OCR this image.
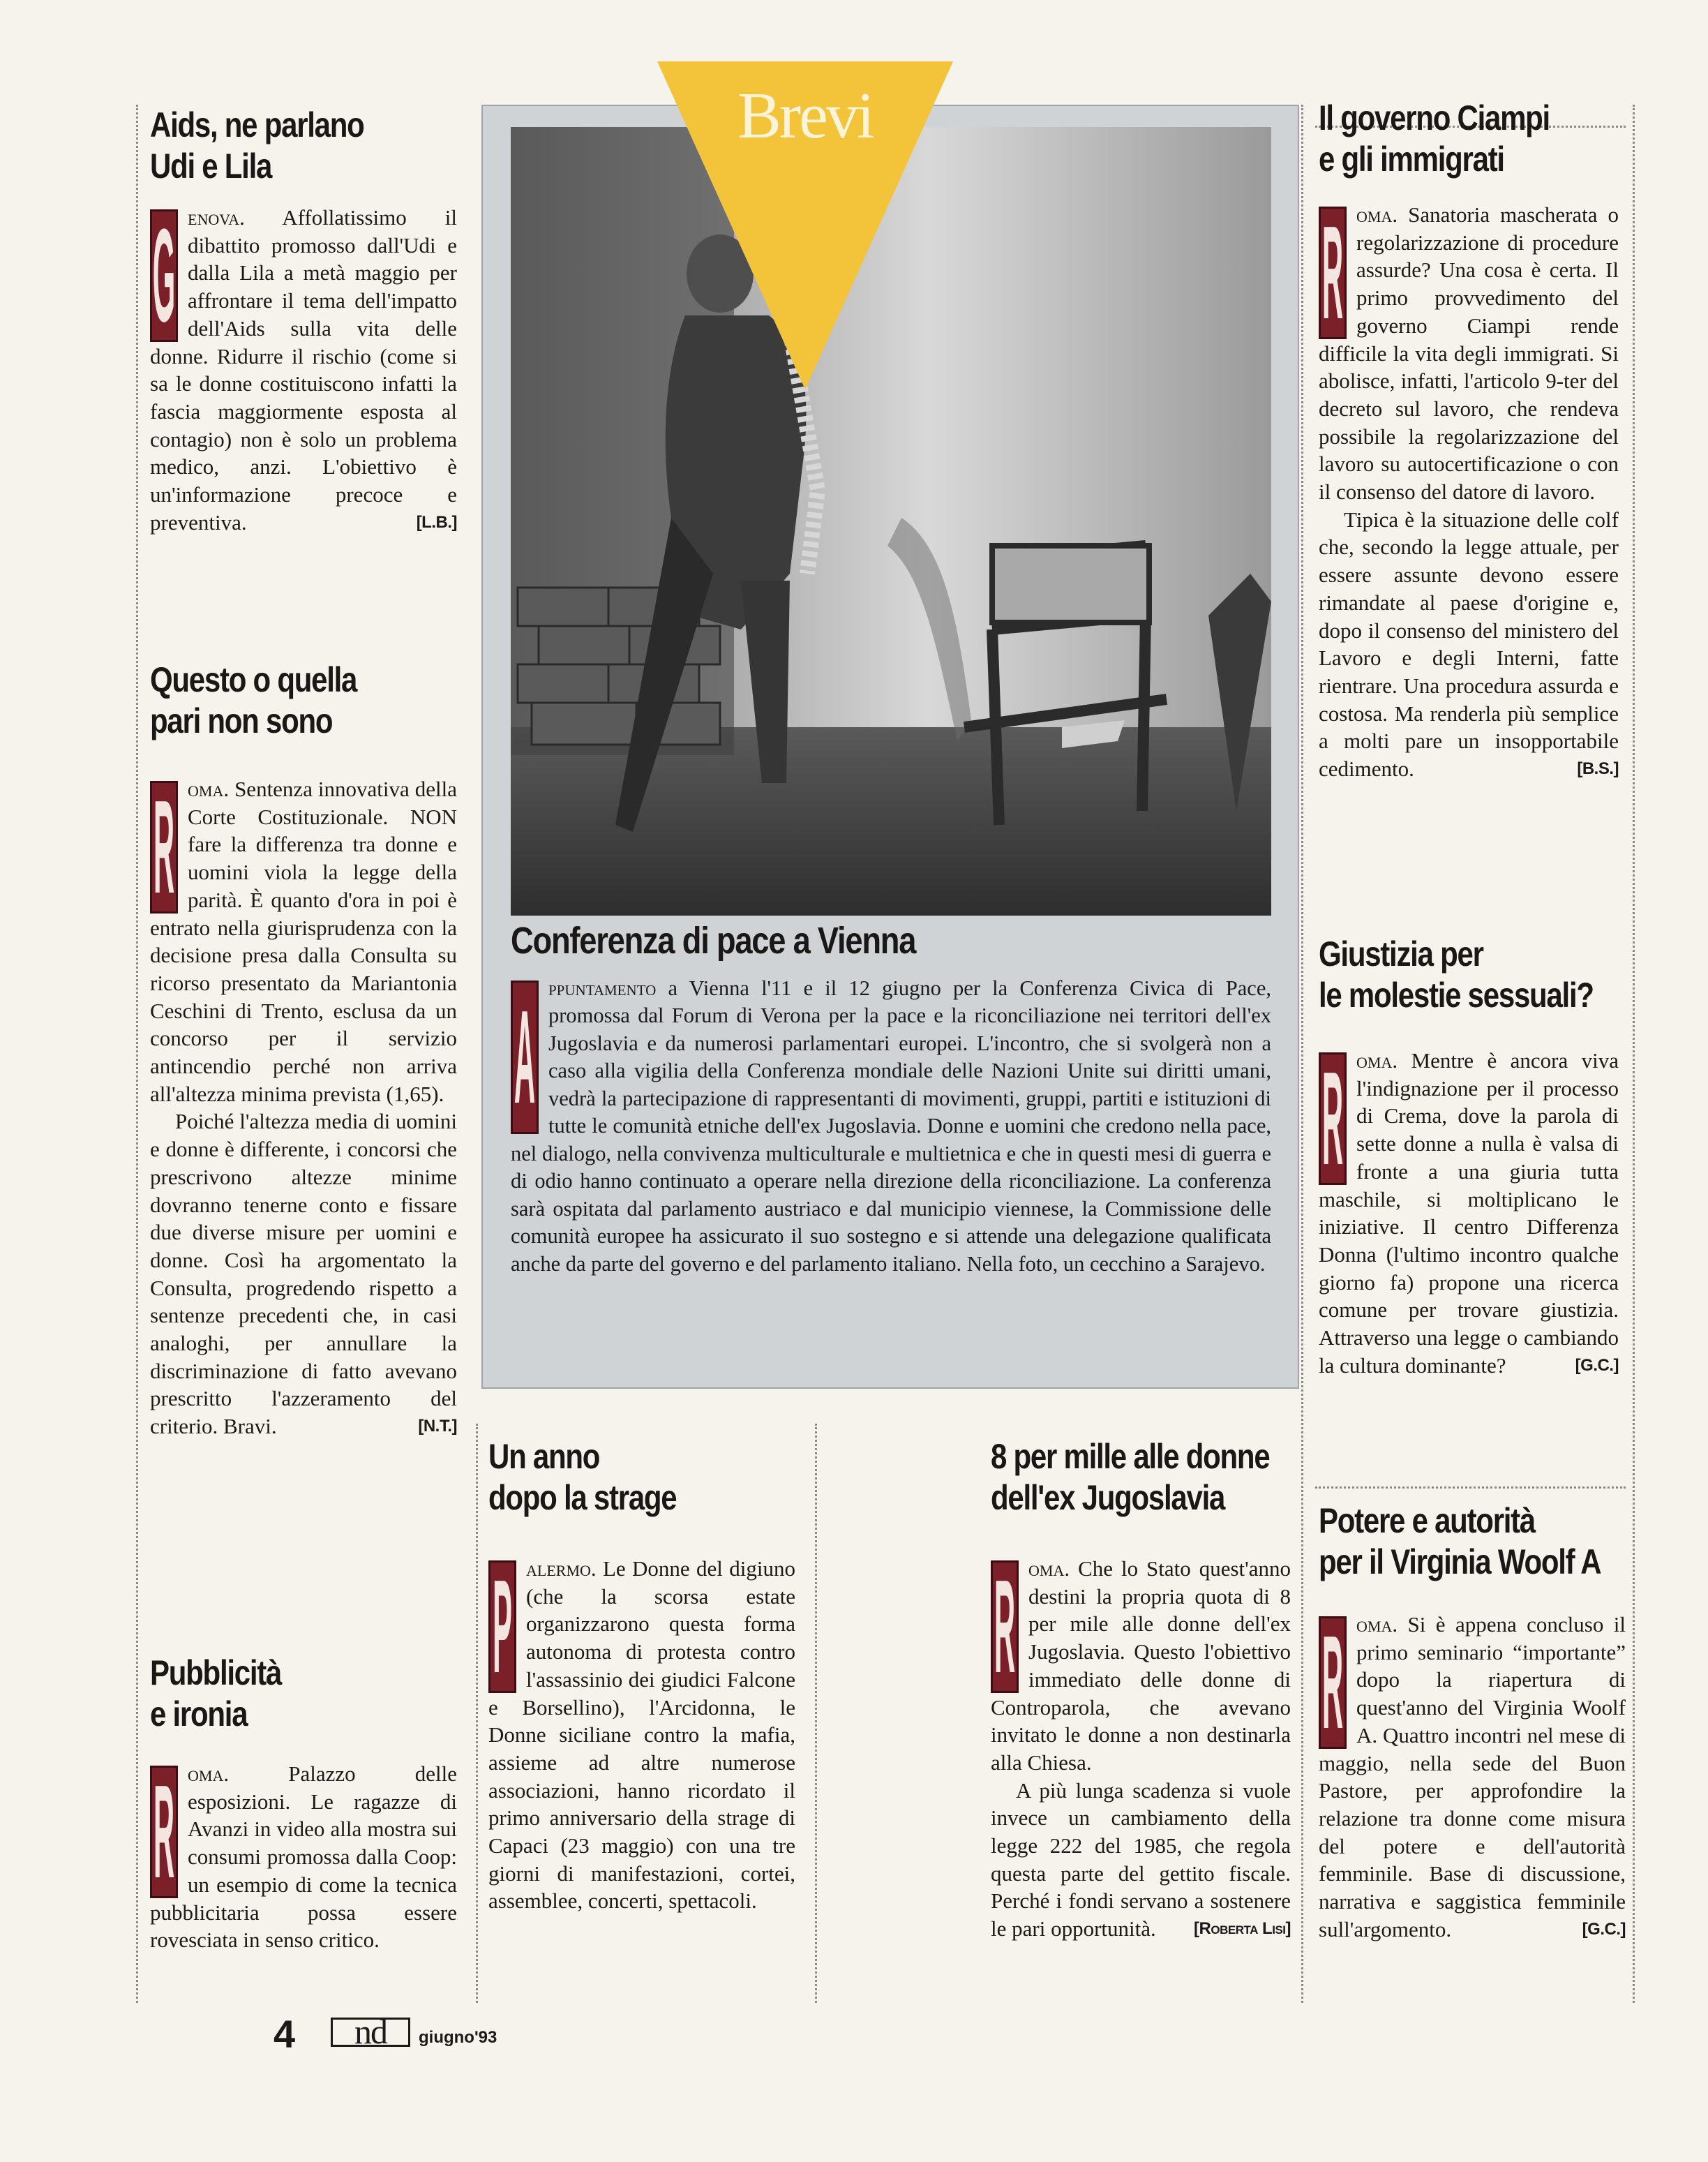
Aids, ne parlano
Udi e Lila
G

enova. Affollatissimo il dibattito promosso dall'Udi e dalla Lila a metà maggio per affrontare il tema dell'impatto dell'Aids sulla vita delle donne. Ridurre il rischio (come si sa le donne costituiscono infatti la fascia maggiormente esposta al contagio) non è solo un problema medico, anzi. L'obiettivo è un'informazione precoce e preventiva.	[L.B.]

Questo o quella
pari non sono
R

oma. Sentenza innovativa della Corte Costituzionale. NON fare la differenza tra donne e uomini viola la legge della parità. È quanto d'ora in poi è entrato nella giurisprudenza con la decisione presa dalla Consulta su ricorso presentato da Mariantonia Ceschini di Trento, esclusa da un concorso per il servizio antincendio perché non arriva all'altezza minima prevista (1,65).

Poiché l'altezza media di uomini e donne è differente, i concorsi che prescrivono altezze minime dovranno tenerne conto e fissare due diverse misure per uomini e donne. Così ha argomentato la Consulta, progredendo rispetto a sentenze precedenti che, in casi analoghi, per annullare la discriminazione di fatto avevano prescritto l'azzeramento del criterio. Bravi.	[N.T.]

Pubblicità
e ironia
R

oma.	Palazzo delle esposizioni. Le ragazze di Avanzi in video alla mostra sui consumi promossa dalla Coop: un esempio di come la tecnica pubblicitaria possa essere rovesciata in senso critico.

Conferenza di pace a Vienna
A

ppuntamento a Vienna l'11 e il 12 giugno per la Conferenza Civica di Pace, promossa dal Forum di Verona per la pace e la riconciliazione nei territori dell'ex Jugoslavia e da numerosi parlamentari europei. L'incontro, che si svolgerà non a caso alla vigilia della Conferenza mondiale delle Nazioni Unite sui diritti umani, vedrà la partecipazione di rappresentanti di movimenti, gruppi, partiti e istituzioni di tutte le comunità etniche dell'ex Jugoslavia. Donne e uomini che credono nella pace, nel dialogo, nella convivenza multiculturale e multietnica e che in questi mesi di guerra e di odio hanno continuato a operare nella direzione della riconciliazione. La conferenza sarà ospitata dal parlamento austriaco e dal municipio viennese, la Commissione delle comunità europee ha assicurato il suo sostegno e si attende una delegazione qualificata anche da parte del governo e del parlamento italiano. Nella foto, un cecchino a Sarajevo.

Brevi
Un anno
dopo la strage
P

alermo. Le Donne del digiuno (che la scorsa estate organizzarono questa forma autonoma di protesta contro l'assassinio dei giudici Falcone e Borsellino), l'Arcidonna, le Donne siciliane contro la mafia, assieme ad altre numerose associazioni, hanno ricordato il primo anniversario della strage di Capaci (23 maggio) con una tre giorni di manifestazioni, cortei, assemblee, concerti, spettacoli.

8 per mille alle donne
dell'ex Jugoslavia
R

oma. Che lo Stato quest'anno destini la propria quota di 8 per mile alle donne dell'ex Jugoslavia. Questo l'obiettivo immediato delle donne di Controparola, che avevano invitato le donne a non destinarla alla Chiesa.

A più lunga scadenza si vuole invece un cambiamento della legge 222 del 1985, che regola questa parte del gettito fiscale. Perché i fondi servano a sostenere le pari opportunità.	[Roberta Lisi]

Il governo Ciampi
e gli immigrati
R

oma. Sanatoria mascherata o regolarizzazione di procedure assurde? Una cosa è certa. Il primo provvedimento del governo Ciampi rende difficile la vita degli immigrati. Si abolisce, infatti, l'articolo 9-ter del decreto sul lavoro, che rendeva possibile la regolarizzazione del lavoro su autocertificazione o con il consenso del datore di lavoro.

Tipica è la situazione delle colf che, secondo la legge attuale, per essere assunte devono essere rimandate al paese d'origine e, dopo il consenso del ministero del Lavoro e degli Interni, fatte rientrare. Una procedura assurda e costosa. Ma renderla più semplice a molti pare un insopportabile cedimento.	[B.S.]

Giustizia per
le molestie sessuali?
R

oma. Mentre è ancora viva l'indignazione per il processo di Crema, dove la parola di sette donne a nulla è valsa di fronte a una giuria tutta maschile, si moltiplicano le iniziative. Il centro Differenza Donna (l'ultimo incontro qualche giorno fa) propone una ricerca comune per trovare giustizia. Attraverso una legge o cambiando la cultura dominante?	[G.C.]

Potere e autorità
per il Virginia Woolf A
R

oma. Si è appena concluso il primo seminario “importante” dopo la riapertura di quest'anno del Virginia Woolf A. Quattro incontri nel mese di maggio, nella sede del Buon Pastore, per approfondire la relazione tra donne come misura del potere e dell'autorità femminile. Base di discussione, narrativa e saggistica femminile sull'argomento.	[G.C.]

4	nd	giugno'93
